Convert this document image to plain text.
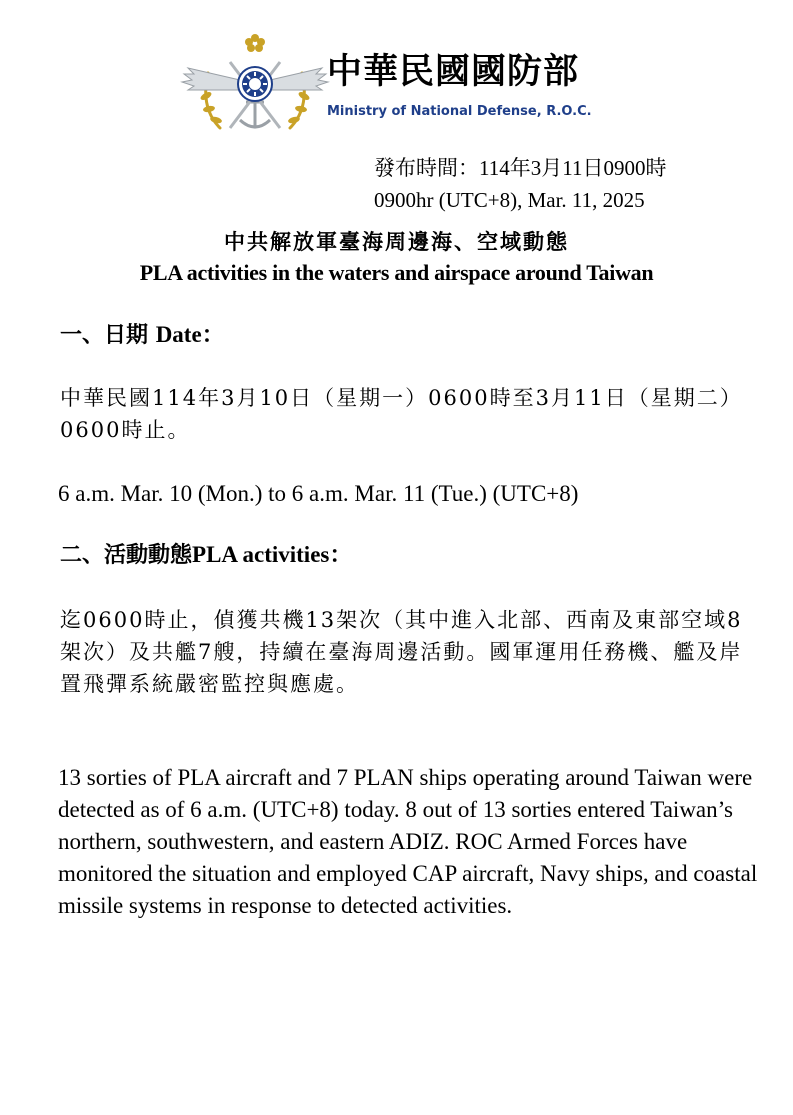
中華民國國防部
Ministry of National Defense, R.O.C.
發布時間：114年3月11日0900時
0900hr (UTC+8), Mar. 11, 2025
中共解放軍臺海周邊海、空域動態
PLA activities in the waters and airspace around Taiwan
一、日期 Date：
中華民國114年3月10日（星期一）0600時至3月11日（星期二）0600時止。
6 a.m. Mar. 10 (Mon.) to 6 a.m. Mar. 11 (Tue.) (UTC+8)
二、活動動態PLA activities：
迄0600時止，偵獲共機13架次（其中進入北部、西南及東部空域8架次）及共艦7艘，持續在臺海周邊活動。國軍運用任務機、艦及岸置飛彈系統嚴密監控與應處。
13 sorties of PLA aircraft and 7 PLAN ships operating around Taiwan were detected as of 6 a.m. (UTC+8) today. 8 out of 13 sorties entered Taiwan’s northern, southwestern, and eastern ADIZ. ROC Armed Forces have monitored the situation and employed CAP aircraft, Navy ships, and coastal missile systems in response to detected activities.
